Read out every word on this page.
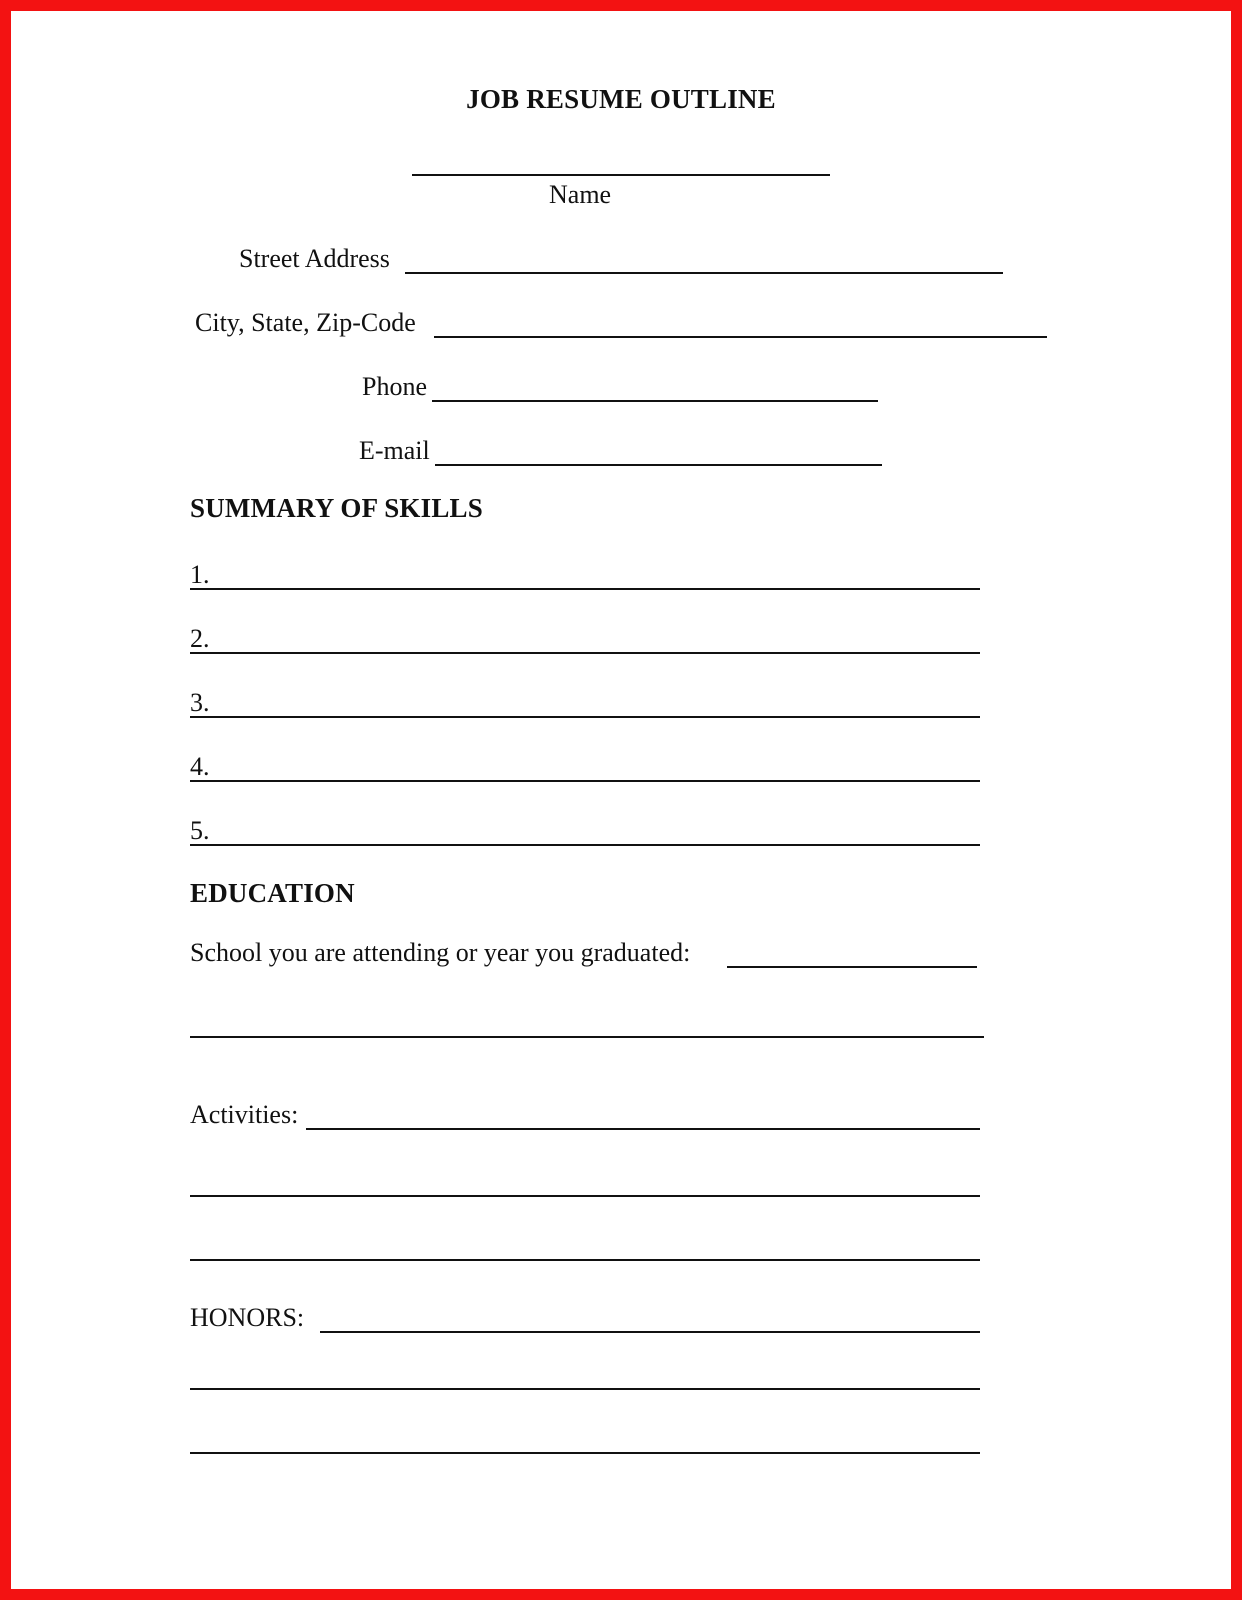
JOB RESUME OUTLINE
Name
Street Address
City, State, Zip-Code
Phone
E-mail
SUMMARY OF SKILLS
1.
2.
3.
4.
5.
EDUCATION
School you are attending or year you graduated:
Activities:
HONORS:
